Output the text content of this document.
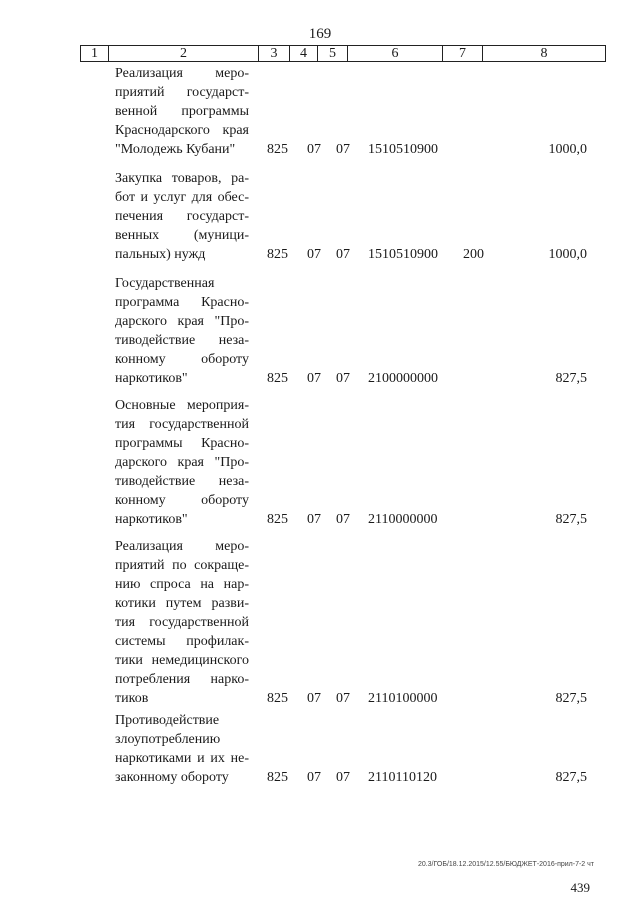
169
1	2	3	4	5	6	7	8
Реализация меро-
приятий государст-
венной программы
Краснодарского края
"Молодежь Кубани"	825 07 07 1510510900	1000,0
Закупка товаров, ра-
бот и услуг для обес-
печения государст-
венных (муници-
пальных) нужд	825 07 07 1510510900 200	1000,0
Государственная
программа Красно-
дарского края "Про-
тиводействие неза-
конному обороту
наркотиков"	825 07 07 2100000000	827,5
Основные мероприя-
тия государственной
программы Красно-
дарского края "Про-
тиводействие неза-
конному обороту
наркотиков"	825 07 07 2110000000	827,5
Реализация меро-
приятий по сокраще-
нию спроса на нар-
котики путем разви-
тия государственной
системы профилак-
тики немедицинского
потребления нарко-
тиков	825 07 07 2110100000	827,5
Противодействие
злоупотреблению
наркотиками и их не-
законному обороту	825 07 07 2110110120	827,5
20.3/ГОБ/18.12.2015/12.55/БЮДЖЕТ-2016-прил-7-2 чт
439
